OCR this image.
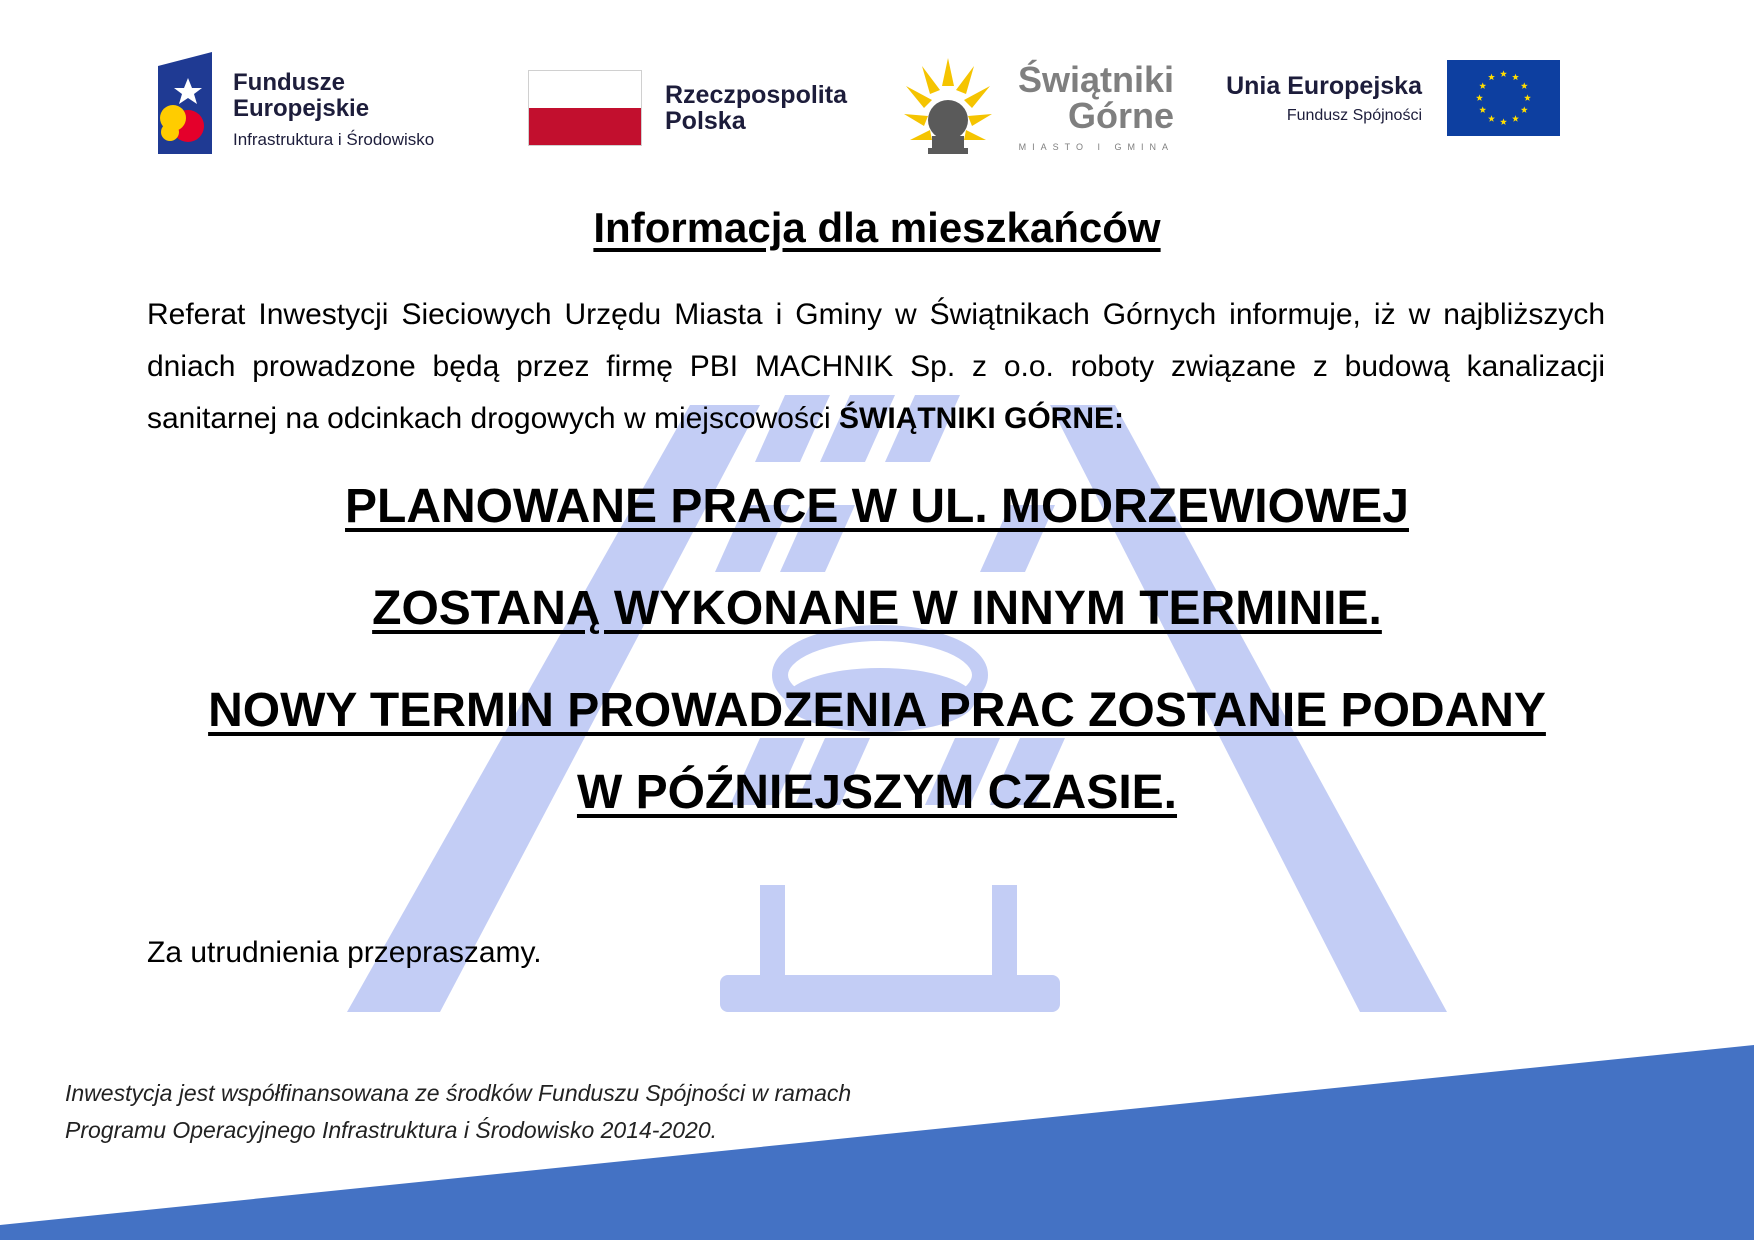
Fundusze
Europejskie
Infrastruktura i Środowisko
Rzeczpospolita
Polska
Świątniki
Górne
MIASTO I GMINA
Unia Europejska
Fundusz Spójności
Informacja dla mieszkańców

Referat Inwestycji Sieciowych Urzędu Miasta i Gminy w Świątnikach Górnych informuje, iż w najbliższych dniach prowadzone będą przez firmę PBI MACHNIK Sp. z o.o. roboty związane z budową kanalizacji sanitarnej na odcinkach drogowych w miejscowości ŚWIĄTNIKI GÓRNE:

PLANOWANE PRACE W UL. MODRZEWIOWEJ
ZOSTANĄ WYKONANE W INNYM TERMINIE.
NOWY TERMIN PROWADZENIA PRAC ZOSTANIE PODANY
W PÓŹNIEJSZYM CZASIE.
Za utrudnienia przepraszamy.
Inwestycja jest współfinansowana ze środków Funduszu Spójności w ramach
Programu Operacyjnego Infrastruktura i Środowisko 2014-2020.
